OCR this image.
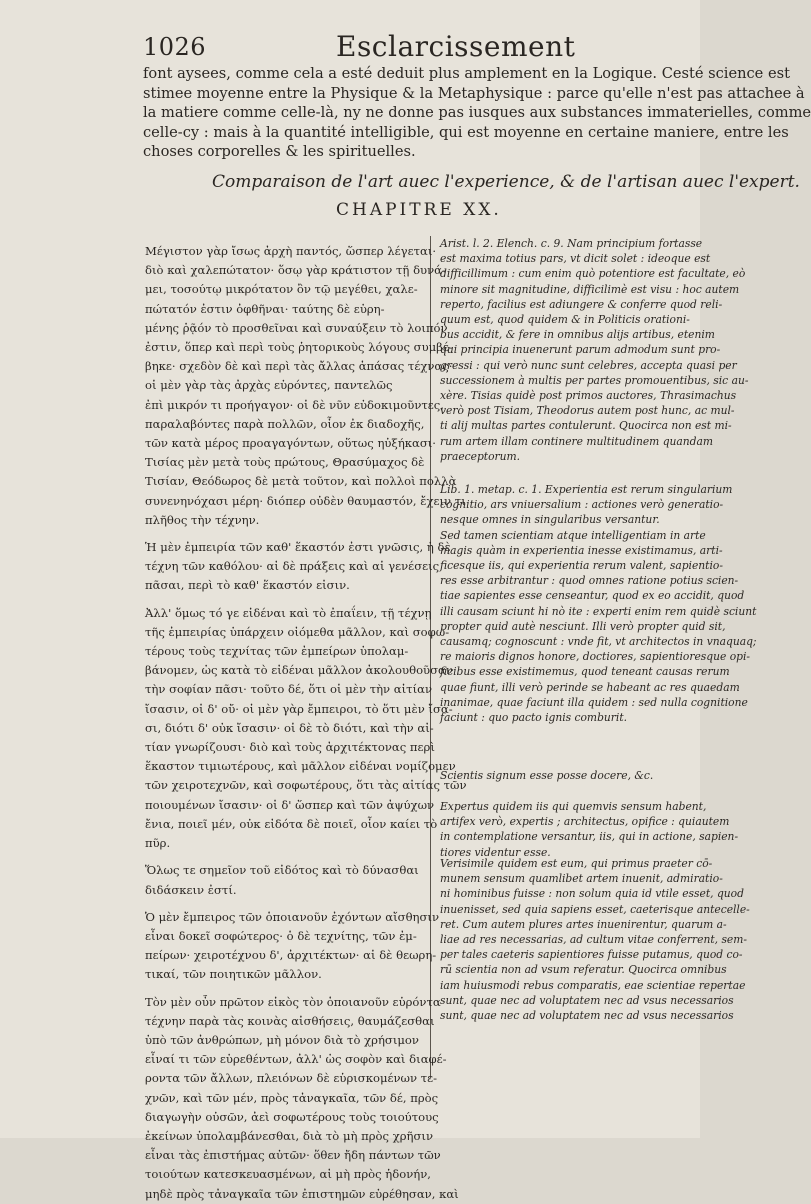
1026	Esclarcissement
font aysees, comme cela a esté deduit plus amplement en la Logique. Cesté science est
stimee moyenne entre la Physique & la Metaphysique : parce qu'elle n'est pas attachee à
la matiere comme celle-là, ny ne donne pas iusques aux substances immaterielles, comme
celle-cy : mais à la quantité intelligible, qui est moyenne en certaine maniere, entre les
choses corporelles & les spirituelles.
Comparaison de l'art auec l'experience, & de l'artisan auec l'expert.
CHAPITRE XX.
Μέγιστον γὰρ ἴσως ἀρχὴ παντός, ὥσπερ λέγεται·
διὸ καὶ χαλεπώτατον· ὅσῳ γὰρ κράτιστον τῇ δυνά-
μει, τοσούτῳ μικρότατον ὂν τῷ μεγέθει, χαλε-
πώτατόν ἐστιν ὀφθῆναι· ταύτης δὲ εὑρη-
μένης ῥᾷόν τὸ προσθεῖναι καὶ συναύξειν τὸ λοιπόν
ἐστιν, ὅπερ καὶ περὶ τοὺς ῥητορικοὺς λόγους συμβέ-
βηκε· σχεδὸν δὲ καὶ περὶ τὰς ἄλλας ἁπάσας τέχνας·
οἱ μὲν γὰρ τὰς ἀρχὰς εὑρόντες, παντελῶς
ἐπὶ μικρόν τι προήγαγον· οἱ δὲ νῦν εὐδοκιμοῦντες,
παραλαβόντες παρὰ πολλῶν, οἷον ἐκ διαδοχῆς,
τῶν κατὰ μέρος προαγαγόντων, οὕτως ηὐξήκασι·
Τισίας μὲν μετὰ τοὺς πρώτους, Θρασύμαχος δὲ
Τισίαν, Θεόδωρος δὲ μετὰ τοῦτον, καὶ πολλοὶ πολλὰ
συνενηνόχασι μέρη· διόπερ οὐδὲν θαυμαστόν, ἔχειν τι
πλῆθος τὴν τέχνην.
Ἡ μὲν ἐμπειρία τῶν καθ' ἕκαστόν ἐστι γνῶσις, ἡ δὲ
τέχνη τῶν καθόλου· αἱ δὲ πράξεις καὶ αἱ γενέσεις
πᾶσαι, περὶ τὸ καθ' ἕκαστόν εἰσιν.
Ἀλλ' ὅμως τό γε εἰδέναι καὶ τὸ ἐπαΐειν, τῇ τέχνῃ
τῆς ἐμπειρίας ὑπάρχειν οἰόμεθα μᾶλλον, καὶ σοφω-
τέρους τοὺς τεχνίτας τῶν ἐμπείρων ὑπολαμ-
βάνομεν, ὡς κατὰ τὸ εἰδέναι μᾶλλον ἀκολουθοῦσαν
τὴν σοφίαν πᾶσι· τοῦτο δέ, ὅτι οἱ μὲν τὴν αἰτίαν
ἴσασιν, οἱ δ' οὔ· οἱ μὲν γὰρ ἔμπειροι, τὸ ὅτι μὲν ἴσα-
σι, διότι δ' οὐκ ἴσασιν· οἱ δὲ τὸ διότι, καὶ τὴν αἰ-
τίαν γνωρίζουσι· διὸ καὶ τοὺς ἀρχιτέκτονας περὶ
ἕκαστον τιμιωτέρους, καὶ μᾶλλον εἰδέναι νομίζομεν
τῶν χειροτεχνῶν, καὶ σοφωτέρους, ὅτι τὰς αἰτίας τῶν
ποιουμένων ἴσασιν· οἱ δ' ὥσπερ καὶ τῶν ἀψύχων
ἔνια, ποιεῖ μέν, οὐκ εἰδότα δὲ ποιεῖ, οἷον καίει τὸ
πῦρ.
Ὅλως τε σημεῖον τοῦ εἰδότος καὶ τὸ δύνασθαι
διδάσκειν ἐστί.
Ὁ μὲν ἔμπειρος τῶν ὁποιανοῦν ἐχόντων αἴσθησιν
εἶναι δοκεῖ σοφώτερος· ὁ δὲ τεχνίτης, τῶν ἐμ-
πείρων· χειροτέχνου δ', ἀρχιτέκτων· αἱ δὲ θεωρη-
τικαί, τῶν ποιητικῶν μᾶλλον.
Τὸν μὲν οὖν πρῶτον εἰκὸς τὸν ὁποιανοῦν εὑρόντα
τέχνην παρὰ τὰς κοινὰς αἰσθήσεις, θαυμάζεσθαι
ὑπὸ τῶν ἀνθρώπων, μὴ μόνον διὰ τὸ χρήσιμον
εἶναί τι τῶν εὑρεθέντων, ἀλλ' ὡς σοφὸν καὶ διαφέ-
ροντα τῶν ἄλλων, πλειόνων δὲ εὑρισκομένων τε-
χνῶν, καὶ τῶν μέν, πρὸς τἀναγκαῖα, τῶν δέ, πρὸς
διαγωγὴν οὐσῶν, ἀεὶ σοφωτέρους τοὺς τοιούτους
ἐκείνων ὑπολαμβάνεσθαι, διὰ τὸ μὴ πρὸς χρῆσιν
εἶναι τὰς ἐπιστήμας αὐτῶν· ὅθεν ἤδη πάντων τῶν
τοιούτων κατεσκευασμένων, αἱ μὴ πρὸς ἡδονήν,
μηδὲ πρὸς τἀναγκαῖα τῶν ἐπιστημῶν εὑρέθησαν, καὶ
Arist. l. 2. Elench. c. 9. Nam principium fortasse
est maxima totius pars, vt dicit solet : ideoque est
difficillimum : cum enim quò potentiore est facultate, eò
minore sit magnitudine, difficilimè est visu : hoc autem
reperto, facilius est adiungere & conferre quod reli-
quum est, quod quidem & in Politicis orationi-
bus accidit, & fere in omnibus alijs artibus, etenim
qui principia inuenerunt parum admodum sunt pro-
gressi : qui verò nunc sunt celebres, accepta quasi per
successionem à multis per partes promouentibus, sic au-
xère. Tisias quidè post primos auctores, Thrasimachus
verò post Tisiam, Theodorus autem post hunc, ac mul-
ti alij multas partes contulerunt. Quocirca non est mi-
rum artem illam continere multitudinem quandam
praeceptorum.
Lib. 1. metap. c. 1. Experientia est rerum singularium
cognitio, ars vniuersalium : actiones verò generatio-
nesque omnes in singularibus versantur.
Sed tamen scientiam atque intelligentiam in arte
magis quàm in experientia inesse existimamus, arti-
ficesque iis, qui experientia rerum valent, sapientio-
res esse arbitrantur : quod omnes ratione potius scien-
tiae sapientes esse censeantur, quod ex eo accidit, quod
illi causam sciunt hi nò ite : experti enim rem quidè sciunt
propter quid autè nesciunt. Illi verò propter quid sit,
causamq; cognoscunt : vnde fit, vt architectos in vnaquaq;
re maioris dignos honore, doctiores, sapientioresque opi-
ficibus esse existimemus, quod teneant causas rerum
quae fiunt, illi verò perinde se habeant ac res quaedam
inanimae, quae faciunt illa quidem : sed nulla cognitione
faciunt : quo pacto ignis comburit.
Scientis signum esse posse docere, &c.
Expertus quidem iis qui quemvis sensum habent,
artifex verò, expertis ; architectus, opifice : quiautem
in contemplatione versantur, iis, qui in actione, sapien-
tiores videntur esse.
Verisimile quidem est eum, qui primus praeter cō-
munem sensum quamlibet artem inuenit, admiratio-
ni hominibus fuisse : non solum quia id vtile esset, quod
inuenisset, sed quia sapiens esset, caeterisque antecelle-
ret. Cum autem plures artes inuenirentur, quarum a-
liae ad res necessarias, ad cultum vitae conferrent, sem-
per tales caeteris sapientiores fuisse putamus, quod co-
rū scientia non ad vsum referatur. Quocirca omnibus
iam huiusmodi rebus comparatis, eae scientiae repertae
sunt, quae nec ad voluptatem nec ad vsus necessarios
sunt, quae nec ad voluptatem nec ad vsus necessarios
